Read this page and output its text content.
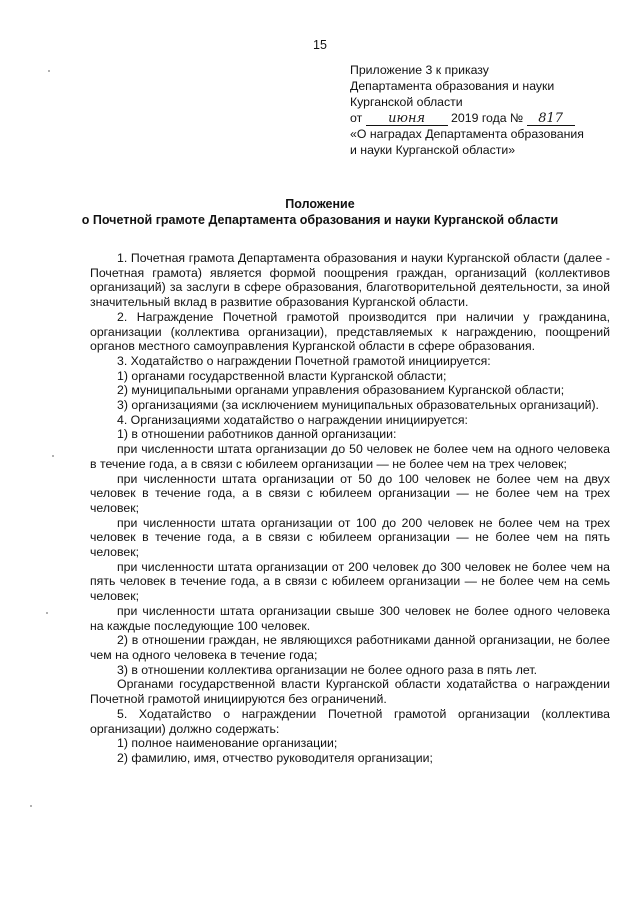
15
Приложение 3 к приказу
Департамента образования и науки
Курганской области
от июня 2019 года № 817
«О наградах Департамента образования
и науки Курганской области»
Положение
о Почетной грамоте Департамента образования и науки Курганской области

1. Почетная грамота Департамента образования и науки Курганской области (далее - Почетная грамота) является формой поощрения граждан, организаций (коллективов организаций) за заслуги в сфере образования, благотворительной деятельности, за иной значительный вклад в развитие образования Курганской области.

2. Награждение Почетной грамотой производится при наличии у гражданина, организации (коллектива организации), представляемых к награждению, поощрений органов местного самоуправления Курганской области в сфере образования.

3. Ходатайство о награждении Почетной грамотой инициируется:

1) органами государственной власти Курганской области;

2) муниципальными органами управления образованием Курганской области;

3) организациями (за исключением муниципальных образовательных организаций).

4. Организациями ходатайство о награждении инициируется:

1) в отношении работников данной организации:

при численности штата организации до 50 человек не более чем на одного человека в течение года, а в связи с юбилеем организации — не более чем на трех человек;

при численности штата организации от 50 до 100 человек не более чем на двух человек в течение года, а в связи с юбилеем организации — не более чем на трех человек;

при численности штата организации от 100 до 200 человек не более чем на трех человек в течение года, а в связи с юбилеем организации — не более чем на пять человек;

при численности штата организации от 200 человек до 300 человек не более чем на пять человек в течение года, а в связи с юбилеем организации — не более чем на семь человек;

при численности штата организации свыше 300 человек не более одного человека на каждые последующие 100 человек.

2) в отношении граждан, не являющихся работниками данной организации, не более чем на одного человека в течение года;

3) в отношении коллектива организации не более одного раза в пять лет.

Органами государственной власти Курганской области ходатайства о награждении Почетной грамотой инициируются без ограничений.

5. Ходатайство о награждении Почетной грамотой организации (коллектива организации) должно содержать:

1) полное наименование организации;

2) фамилию, имя, отчество руководителя организации;
